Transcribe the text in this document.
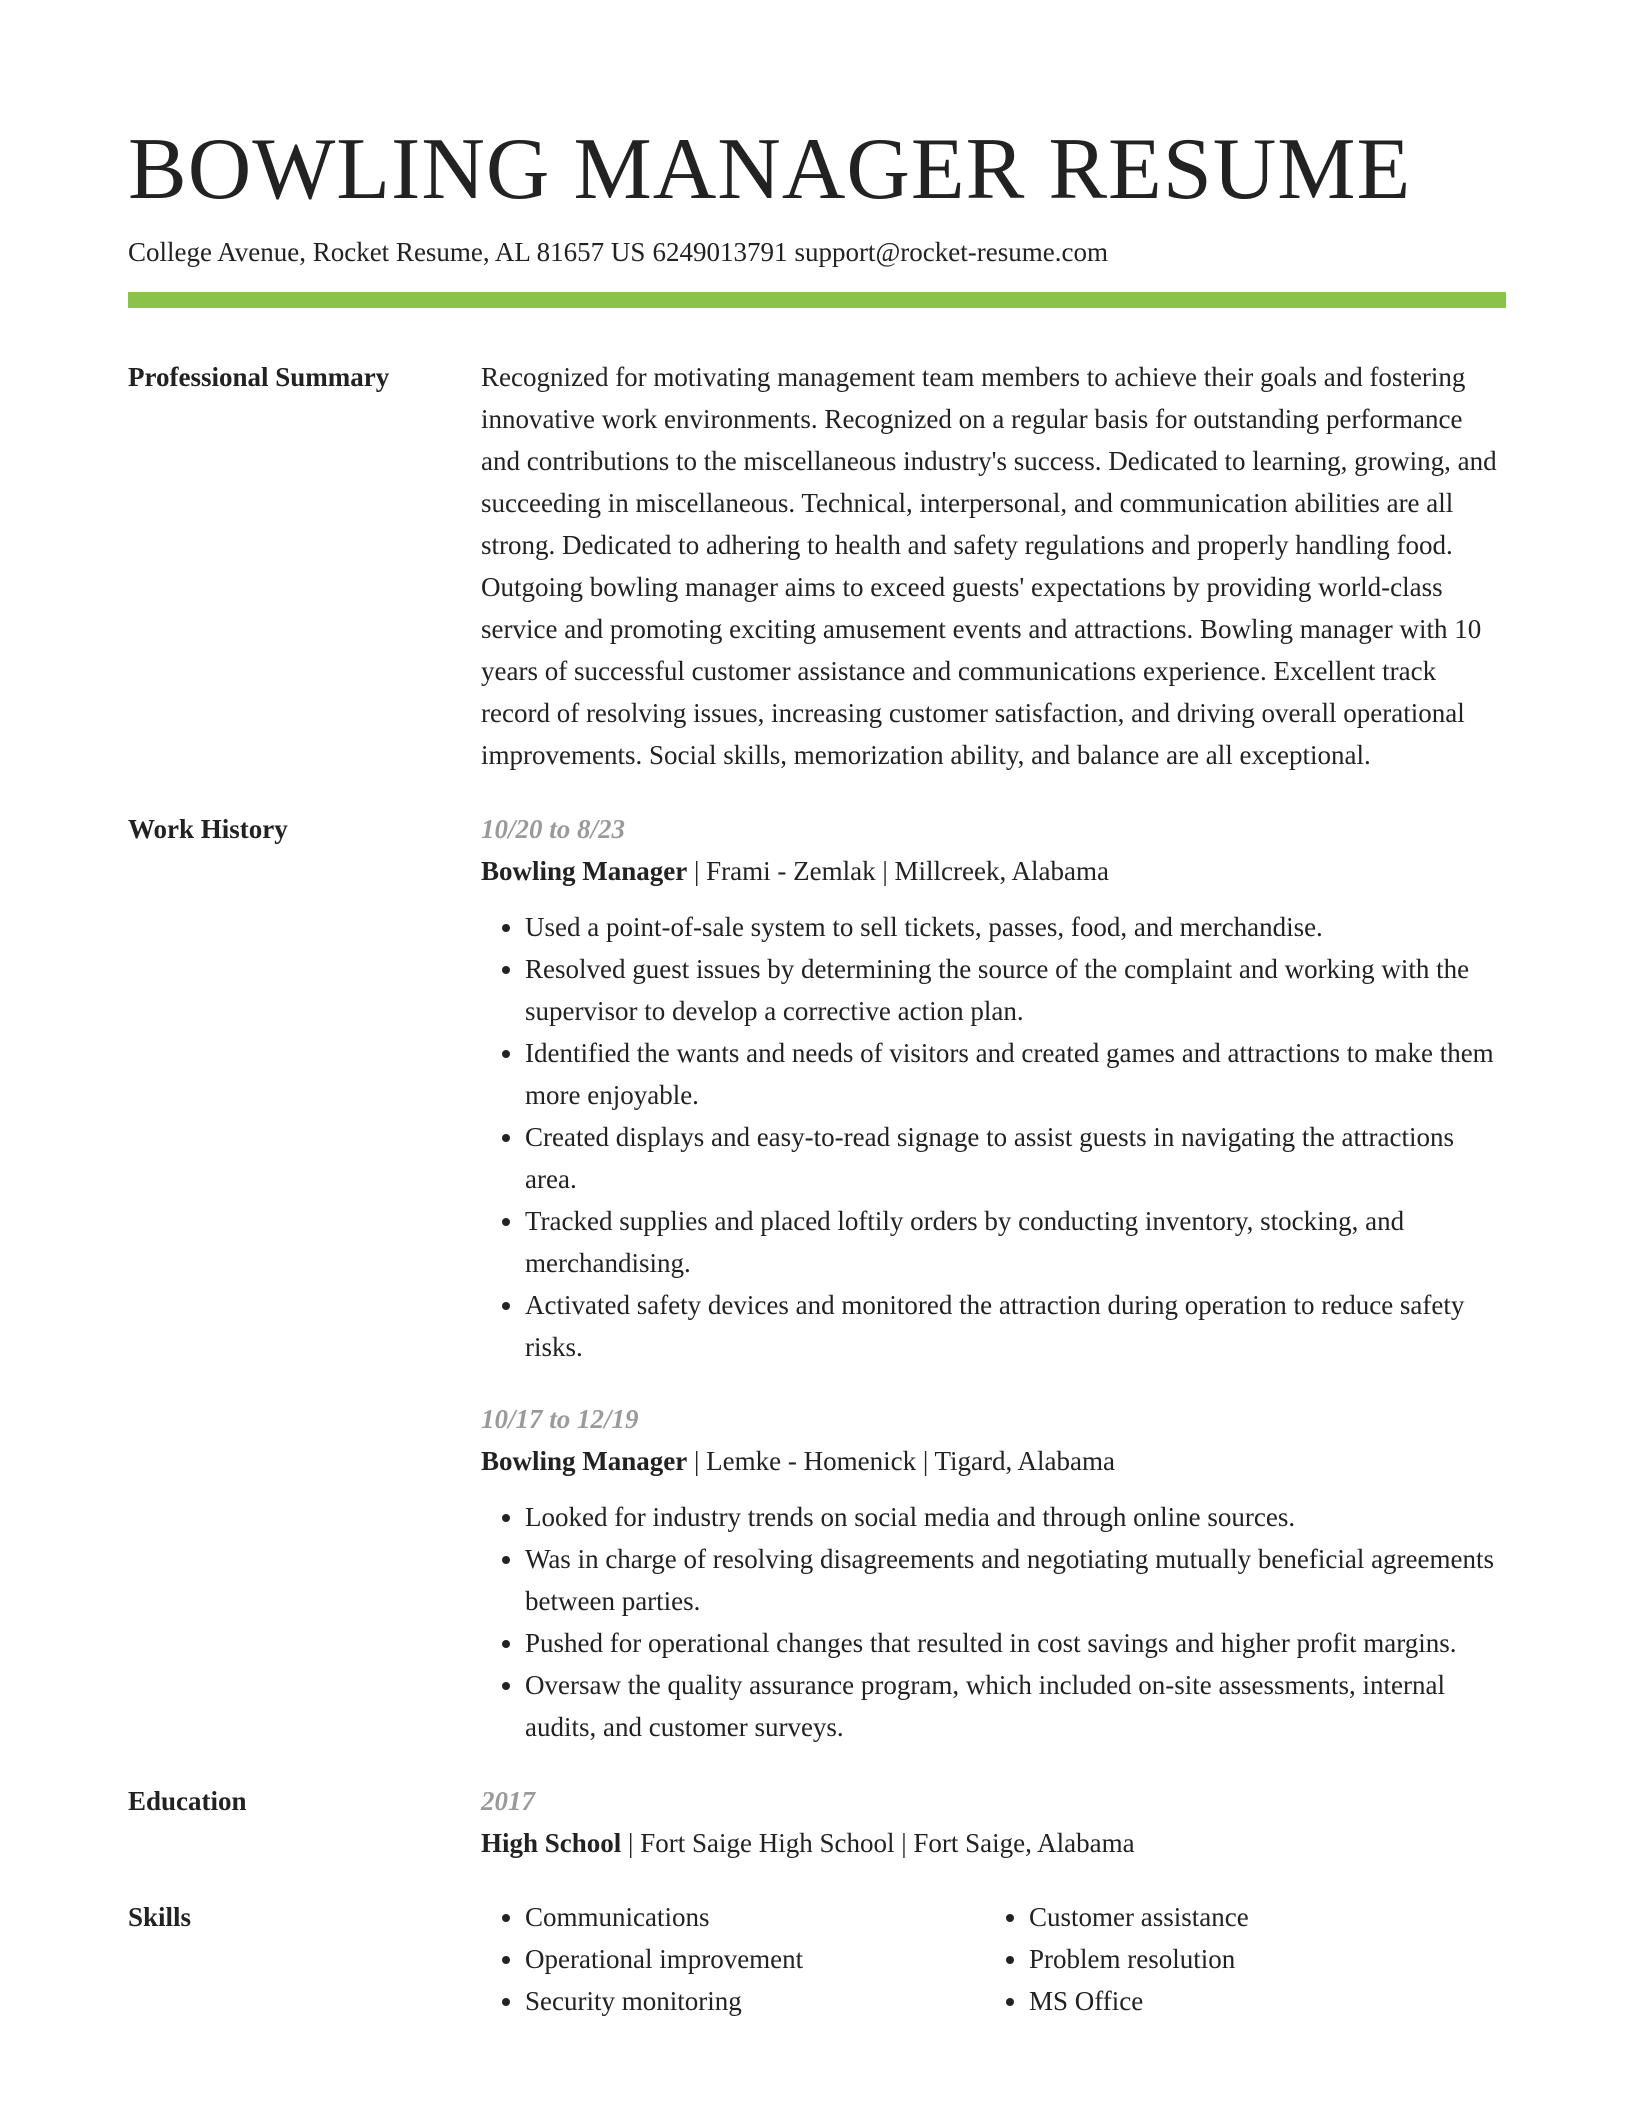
BOWLING MANAGER RESUME
College Avenue, Rocket Resume, AL 81657 US 6249013791 support@rocket-resume.com
Professional Summary	Recognized for motivating management team members to achieve their goals and fostering innovative work environments. Recognized on a regular basis for outstanding performance and contributions to the miscellaneous industry's success. Dedicated to learning, growing, and succeeding in miscellaneous. Technical, interpersonal, and communication abilities are all strong. Dedicated to adhering to health and safety regulations and properly handling food. Outgoing bowling manager aims to exceed guests' expectations by providing world-class service and promoting exciting amusement events and attractions. Bowling manager with 10 years of successful customer assistance and communications experience. Excellent track record of resolving issues, increasing customer satisfaction, and driving overall operational improvements. Social skills, memorization ability, and balance are all exceptional.

Work History	10/20 to 8/23
Bowling Manager | Frami - Zemlak | Millcreek, Alabama
• Used a point-of-sale system to sell tickets, passes, food, and merchandise.
• Resolved guest issues by determining the source of the complaint and working with the supervisor to develop a corrective action plan.
• Identified the wants and needs of visitors and created games and attractions to make them more enjoyable.
• Created displays and easy-to-read signage to assist guests in navigating the attractions area.
• Tracked supplies and placed loftily orders by conducting inventory, stocking, and merchandising.
• Activated safety devices and monitored the attraction during operation to reduce safety risks.
10/17 to 12/19
Bowling Manager | Lemke - Homenick | Tigard, Alabama
• Looked for industry trends on social media and through online sources.
• Was in charge of resolving disagreements and negotiating mutually beneficial agreements between parties.
• Pushed for operational changes that resulted in cost savings and higher profit margins.
• Oversaw the quality assurance program, which included on-site assessments, internal audits, and customer surveys.
Education	2017
High School | Fort Saige High School | Fort Saige, Alabama
Skills
•	Communications
• Operational improvement
• Security monitoring
• Customer assistance
• Problem resolution
• MS Office
